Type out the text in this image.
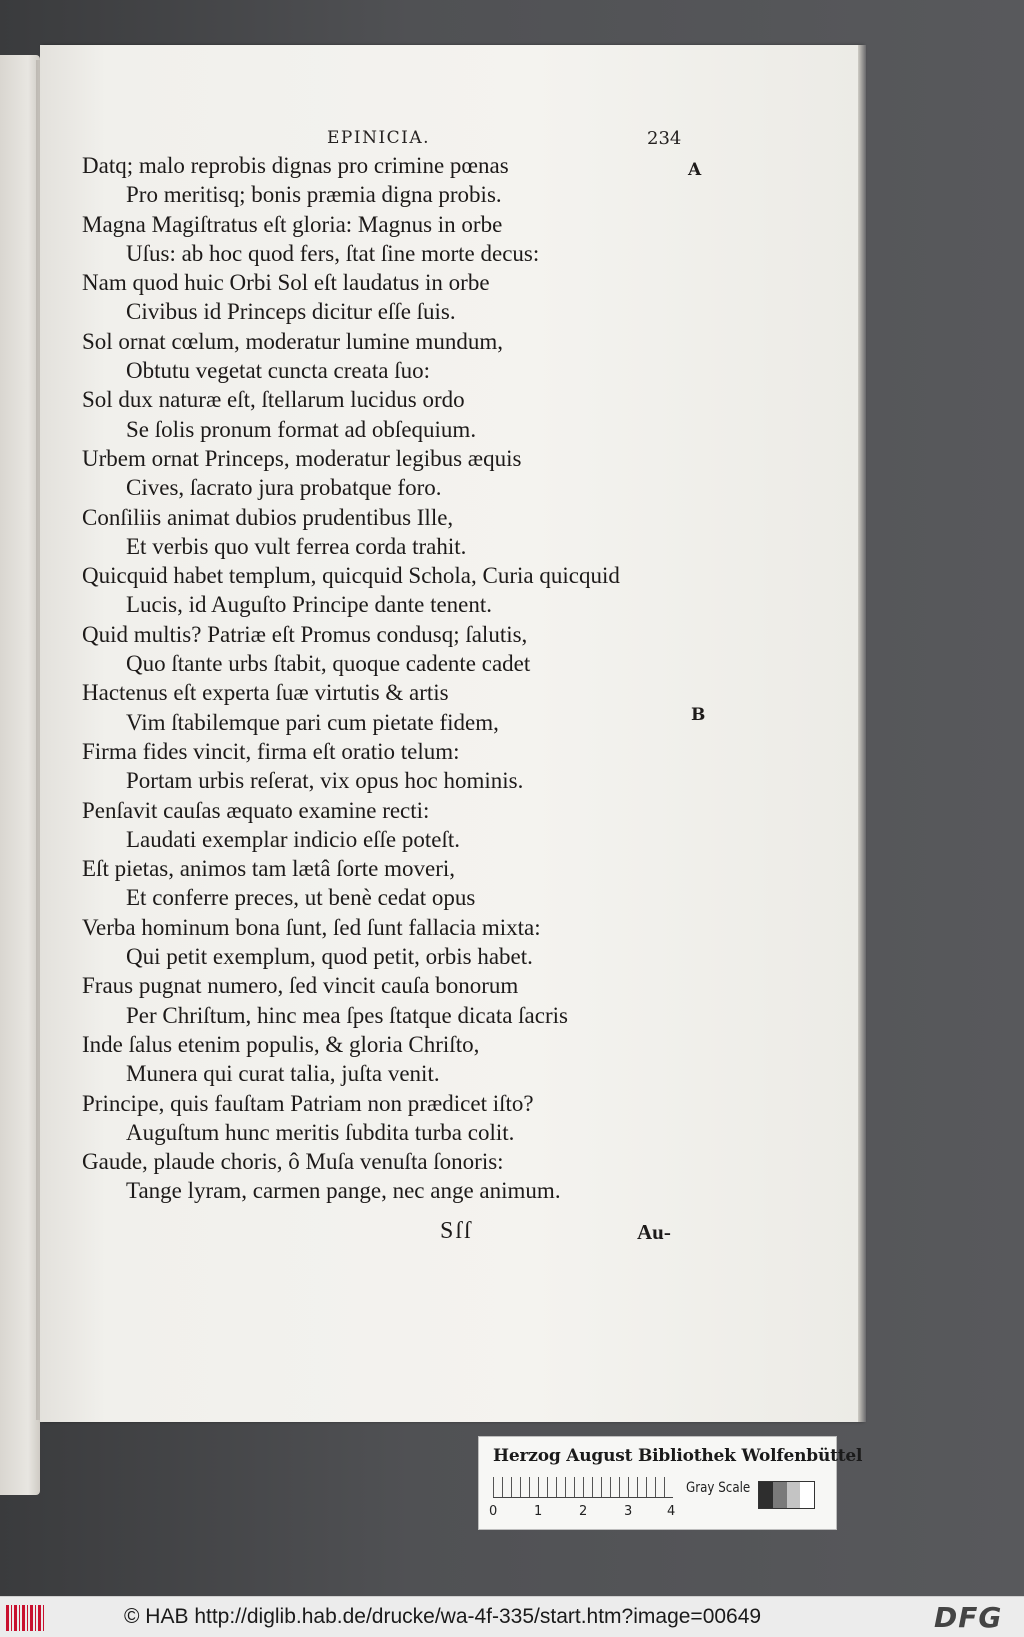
EPINICIA.	234
A
B
Datq; malo reprobis dignas pro crimine pœnas
Pro meritisq; bonis præmia digna probis.
Magna Magiſtratus eſt gloria: Magnus in orbe
Uſus: ab hoc quod fers, ſtat ſine morte decus:
Nam quod huic Orbi Sol eſt laudatus in orbe
Civibus id Princeps dicitur eſſe ſuis.
Sol ornat cœlum, moderatur lumine mundum,
Obtutu vegetat cuncta creata ſuo:
Sol dux naturæ eſt, ſtellarum lucidus ordo
Se ſolis pronum format ad obſequium.
Urbem ornat Princeps, moderatur legibus æquis
Cives, ſacrato jura probatque foro.
Conſiliis animat dubios prudentibus Ille,
Et verbis quo vult ferrea corda trahit.
Quicquid habet templum, quicquid Schola, Curia quicquid
Lucis, id Auguſto Principe dante tenent.
Quid multis? Patriæ eſt Promus condusq; ſalutis,
Quo ſtante urbs ſtabit, quoque cadente cadet
Hactenus eſt experta ſuæ virtutis & artis
Vim ſtabilemque pari cum pietate fidem,
Firma fides vincit, firma eſt oratio telum:
Portam urbis reſerat, vix opus hoc hominis.
Penſavit cauſas æquato examine recti:
Laudati exemplar indicio eſſe poteſt.
Eſt pietas, animos tam lætâ ſorte moveri,
Et conferre preces, ut benè cedat opus
Verba hominum bona ſunt, ſed ſunt fallacia mixta:
Qui petit exemplum, quod petit, orbis habet.
Fraus pugnat numero, ſed vincit cauſa bonorum
Per Chriſtum, hinc mea ſpes ſtatque dicata ſacris
Inde ſalus etenim populis, & gloria Chriſto,
Munera qui curat talia, juſta venit.
Principe, quis fauſtam Patriam non prædicet iſto?
Auguſtum hunc meritis ſubdita turba colit.
Gaude, plaude choris, ô Muſa venuſta ſonoris:
Tange lyram, carmen pange, nec ange animum.
Sſſ	Au-
Herzog August Bibliothek Wolfenbüttel
0	1	2	3	4
Gray Scale
© HAB http://diglib.hab.de/drucke/wa-4f-335/start.htm?image=00649	DFG
